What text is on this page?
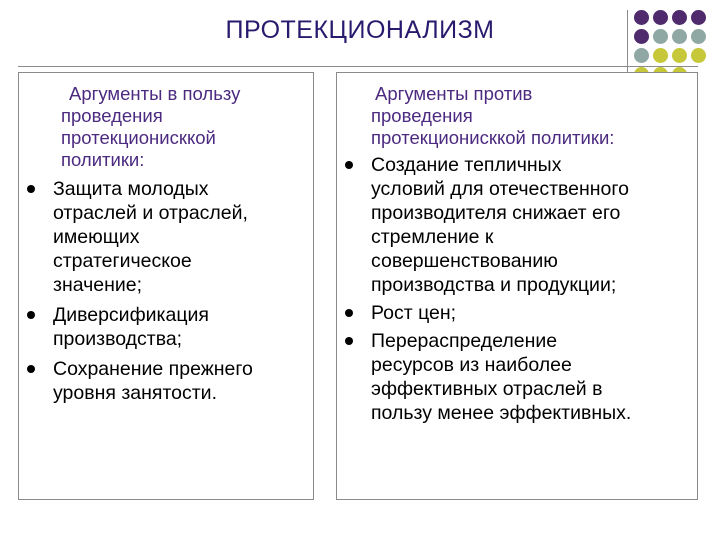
ПРОТЕКЦИОНАЛИЗМ
Аргументы в пользу
проведения
протекционисккой
политики:
Защита молодых
отраслей и отраслей,
имеющих
стратегическое
значение;
Диверсификация
производства;
Сохранение прежнего
уровня занятости.
Аргументы против
проведения
протекционисккой политики:
Создание тепличных
условий для отечественного
производителя снижает его
стремление к
совершенствованию
производства и продукции;
Рост цен;
Перераспределение
ресурсов из наиболее
эффективных отраслей в
пользу менее эффективных.
